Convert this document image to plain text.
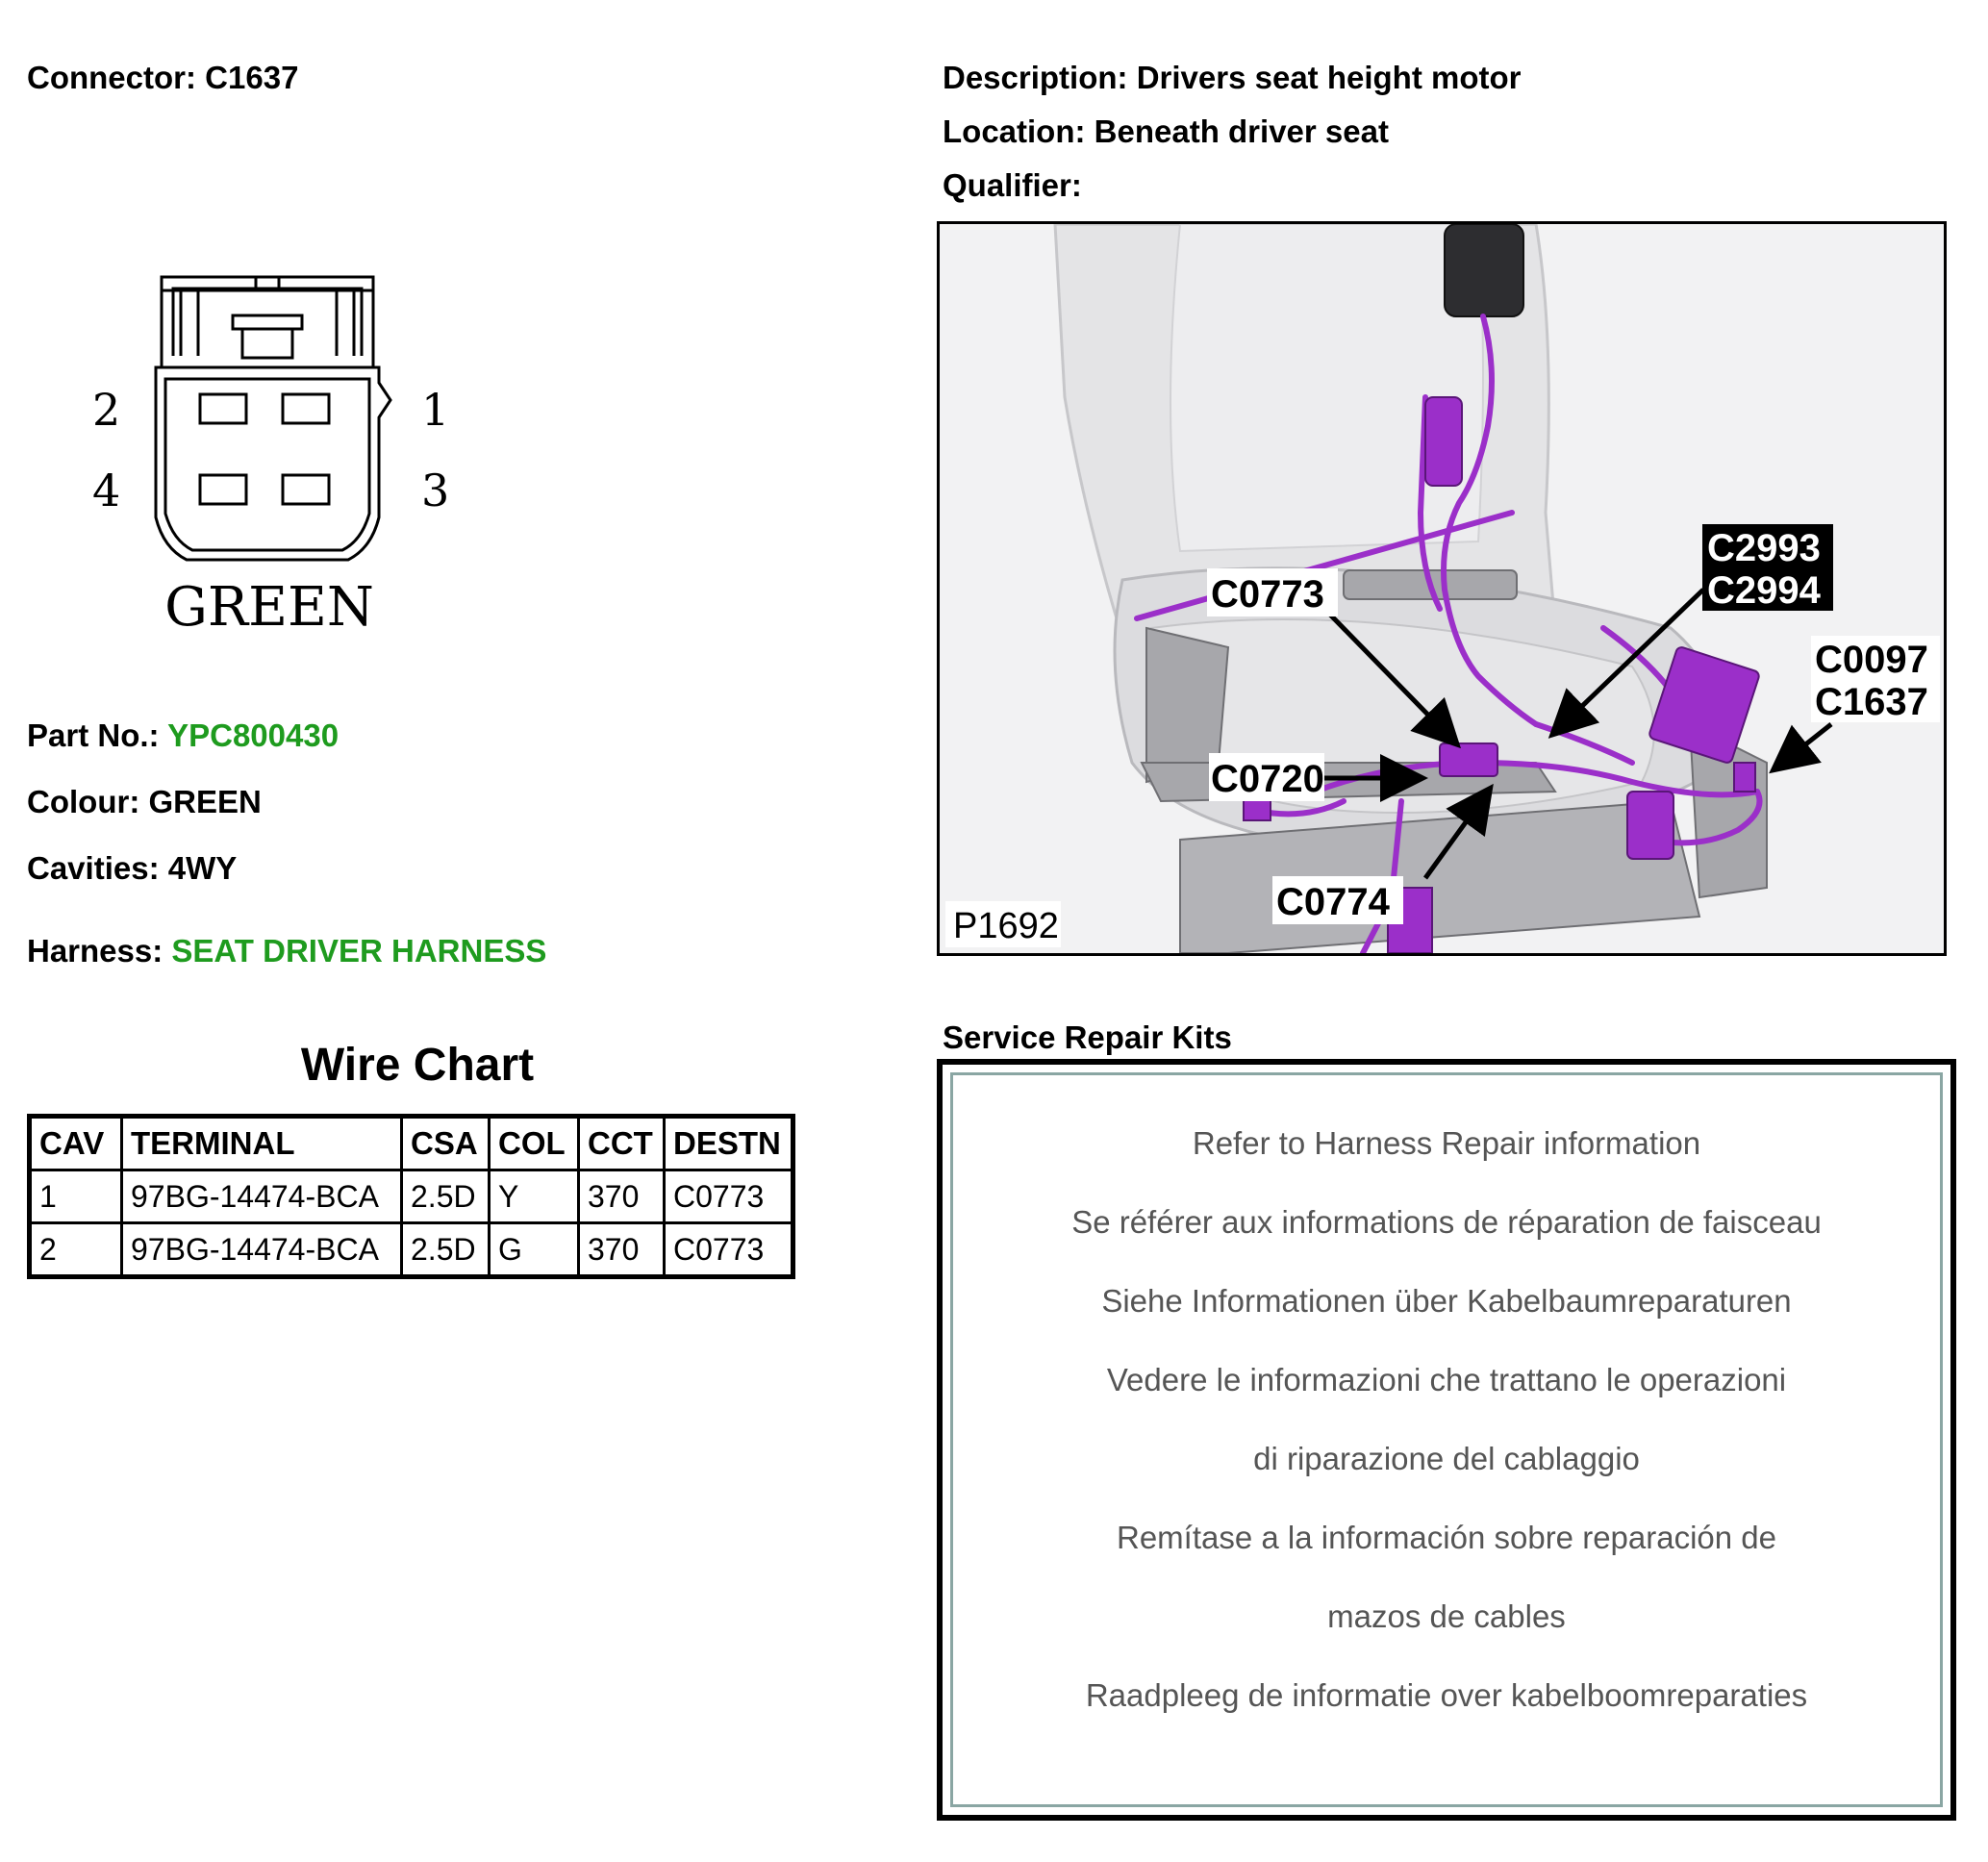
Connector: C1637	Description: Drivers seat height motor
Location: Beneath driver seat
Qualifier:
2	1
4	3
GREEN
Part No.: YPC800430
Colour: GREEN
Cavities: 4WY
Harness: SEAT DRIVER HARNESS
Wire Chart
CAV	TERMINAL	CSA	COL	CCT	DESTN
1	97BG-14474-BCA	2.5D	Y	370	C0773
2	97BG-14474-BCA	2.5D	G	370	C0773
C0773
C2993
C2994
C0097
C1637
C0720
C0774
P1692
Service Repair Kits
Refer to Harness Repair information
Se référer aux informations de réparation de faisceau
Siehe Informationen über Kabelbaumreparaturen
Vedere le informazioni che trattano le operazioni
di riparazione del cablaggio
Remítase a la información sobre reparación de
mazos de cables
Raadpleeg de informatie over kabelboomreparaties
